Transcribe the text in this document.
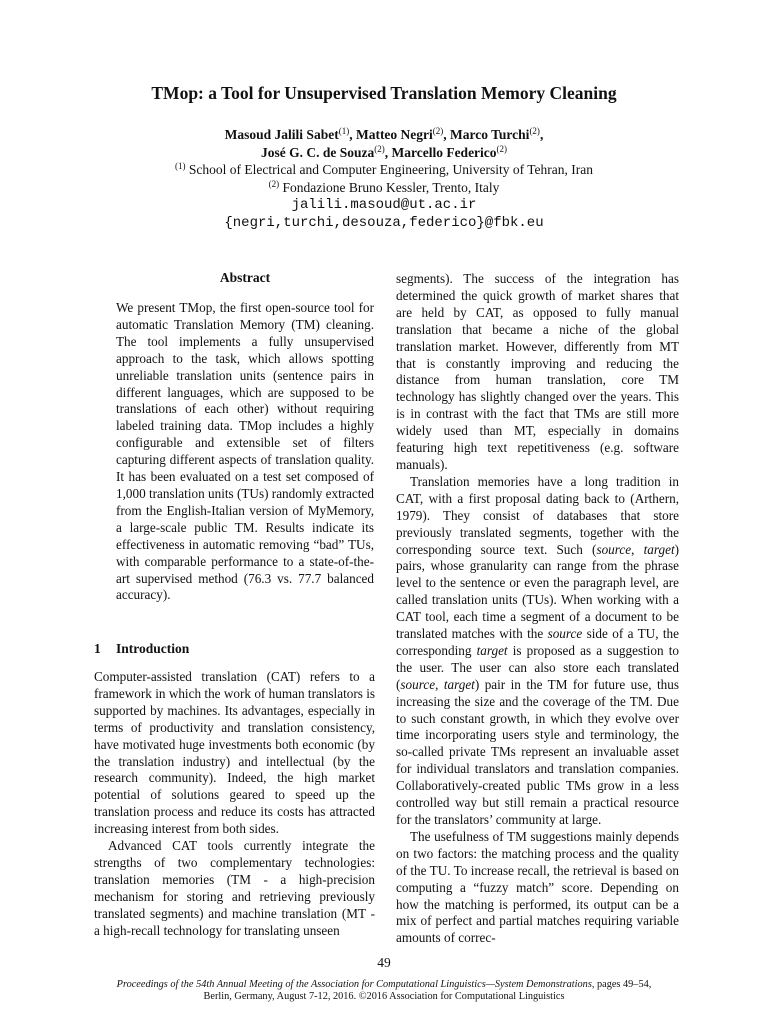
TMop: a Tool for Unsupervised Translation Memory Cleaning
Masoud Jalili Sabet$^{(1)}$, Matteo Negri$^{(2)}$, Marco Turchi$^{(2)}$,
José G. C. de Souza$^{(2)}$, Marcello Federico$^{(2)}$
$^{(1)}$ School of Electrical and Computer Engineering, University of Tehran, Iran
$^{(2)}$ Fondazione Bruno Kessler, Trento, Italy
jalili.masoud@ut.ac.ir
{negri,turchi,desouza,federico}@fbk.eu
Abstract

We present TMop, the first open-source tool for automatic Translation Memory (TM) cleaning. The tool implements a fully unsupervised approach to the task, which allows spotting unreliable translation units (sentence pairs in different languages, which are supposed to be translations of each other) without requiring labeled training data. TMop includes a highly configurable and extensible set of filters capturing different aspects of translation quality. It has been evaluated on a test set composed of 1,000 translation units (TUs) randomly extracted from the English-Italian version of MyMemory, a large-scale public TM. Results indicate its effectiveness in automatic removing “bad” TUs, with comparable performance to a state-of-the-art supervised method (76.3 vs. 77.7 balanced accuracy).

1 Introduction

Computer-assisted translation (CAT) refers to a framework in which the work of human translators is supported by machines. Its advantages, especially in terms of productivity and translation consistency, have motivated huge investments both economic (by the translation industry) and intellectual (by the research community). Indeed, the high market potential of solutions geared to speed up the translation process and reduce its costs has attracted increasing interest from both sides.

Advanced CAT tools currently integrate the strengths of two complementary technologies: translation memories (TM - a high-precision mechanism for storing and retrieving previously translated segments) and machine translation (MT - a high-recall technology for translating unseen

segments). The success of the integration has determined the quick growth of market shares that are held by CAT, as opposed to fully manual translation that became a niche of the global translation market. However, differently from MT that is constantly improving and reducing the distance from human translation, core TM technology has slightly changed over the years. This is in contrast with the fact that TMs are still more widely used than MT, especially in domains featuring high text repetitiveness (e.g. software manuals).

Translation memories have a long tradition in CAT, with a first proposal dating back to (Arthern, 1979). They consist of databases that store previously translated segments, together with the corresponding source text. Such (source, target) pairs, whose granularity can range from the phrase level to the sentence or even the paragraph level, are called translation units (TUs). When working with a CAT tool, each time a segment of a document to be translated matches with the source side of a TU, the corresponding target is proposed as a suggestion to the user. The user can also store each translated (source, target) pair in the TM for future use, thus increasing the size and the coverage of the TM. Due to such constant growth, in which they evolve over time incorporating users style and terminology, the so-called private TMs represent an invaluable asset for individual translators and translation companies. Collaboratively-created public TMs grow in a less controlled way but still remain a practical resource for the translators’ community at large.

The usefulness of TM suggestions mainly depends on two factors: the matching process and the quality of the TU. To increase recall, the retrieval is based on computing a “fuzzy match” score. Depending on how the matching is performed, its output can be a mix of perfect and partial matches requiring variable amounts of correc-

49
Proceedings of the 54th Annual Meeting of the Association for Computational Linguistics—System Demonstrations, pages 49–54,
Berlin, Germany, August 7-12, 2016. ©2016 Association for Computational Linguistics
